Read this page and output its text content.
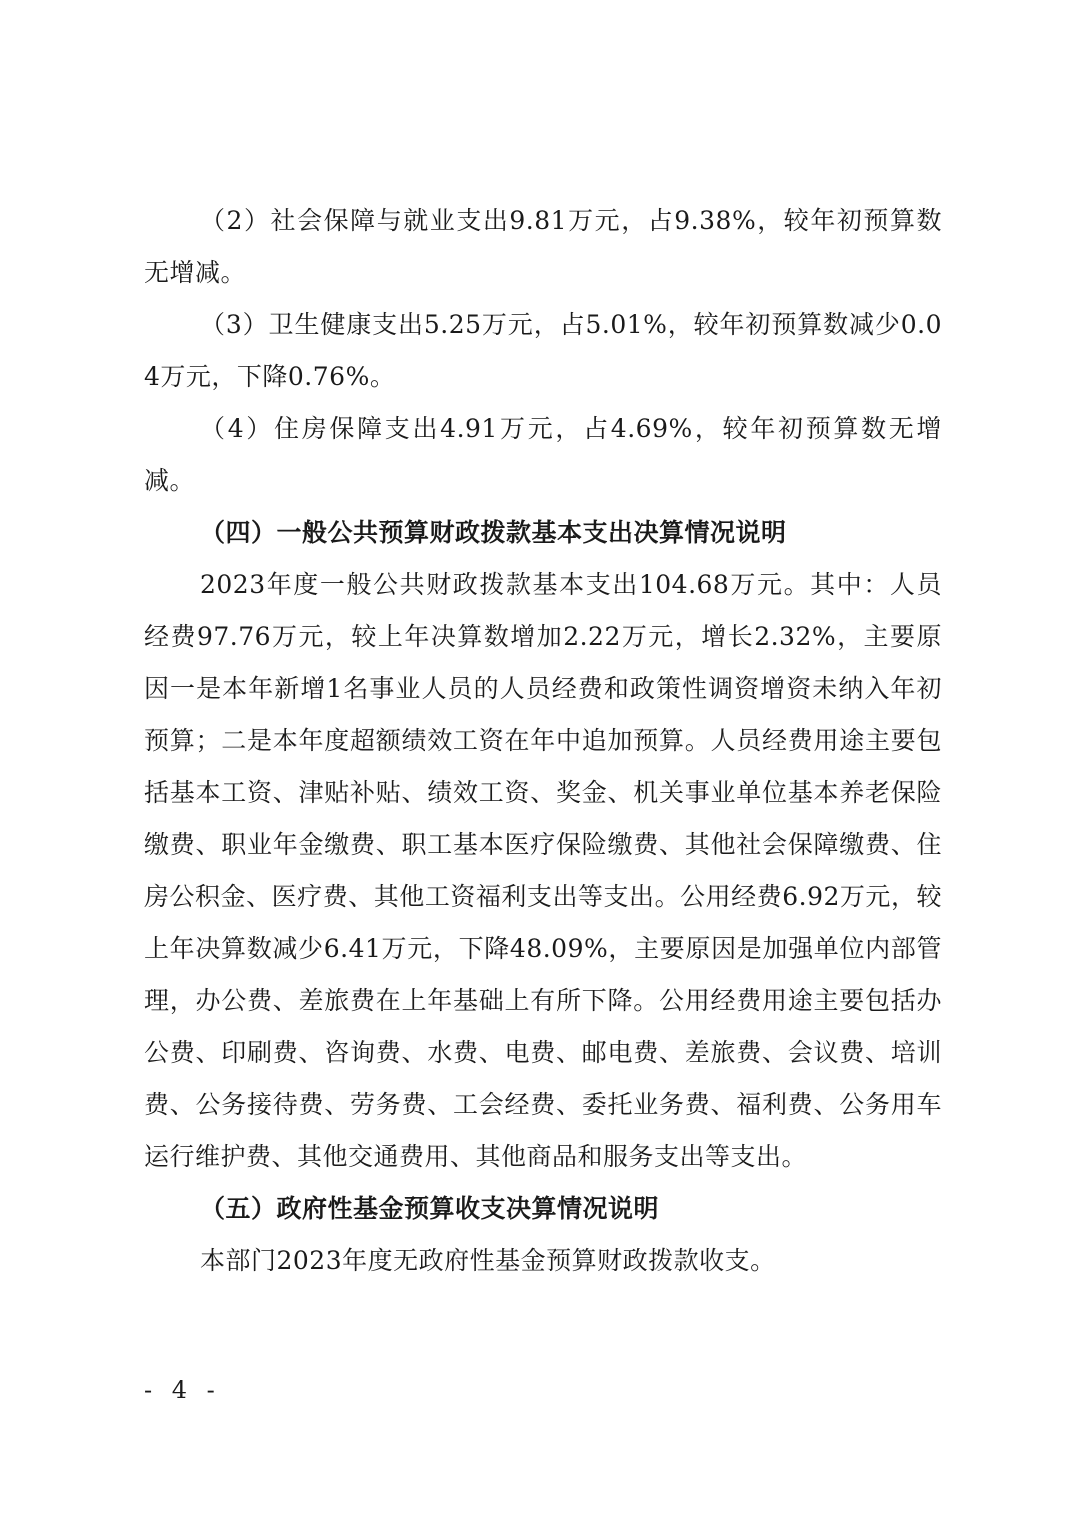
（2）社会保障与就业支出9.81万元，占9.38%，较年初预算数无增减。

（3）卫生健康支出5.25万元，占5.01%，较年初预算数减少0.04万元，下降0.76%。

（4）住房保障支出4.91万元，占4.69%，较年初预算数无增减。

（四）一般公共预算财政拨款基本支出决算情况说明

2023年度一般公共财政拨款基本支出104.68万元。其中：人员经费97.76万元，较上年决算数增加2.22万元，增长2.32%，主要原因一是本年新增1名事业人员的人员经费和政策性调资增资未纳入年初预算；二是本年度超额绩效工资在年中追加预算。人员经费用途主要包括基本工资、津贴补贴、绩效工资、奖金、机关事业单位基本养老保险缴费、职业年金缴费、职工基本医疗保险缴费、其他社会保障缴费、住房公积金、医疗费、其他工资福利支出等支出。公用经费6.92万元，较上年决算数减少6.41万元，下降48.09%，主要原因是加强单位内部管理，办公费、差旅费在上年基础上有所下降。公用经费用途主要包括办公费、印刷费、咨询费、水费、电费、邮电费、差旅费、会议费、培训费、公务接待费、劳务费、工会经费、委托业务费、福利费、公务用车运行维护费、其他交通费用、其他商品和服务支出等支出。

（五）政府性基金预算收支决算情况说明

本部门2023年度无政府性基金预算财政拨款收支。

- 4 -
